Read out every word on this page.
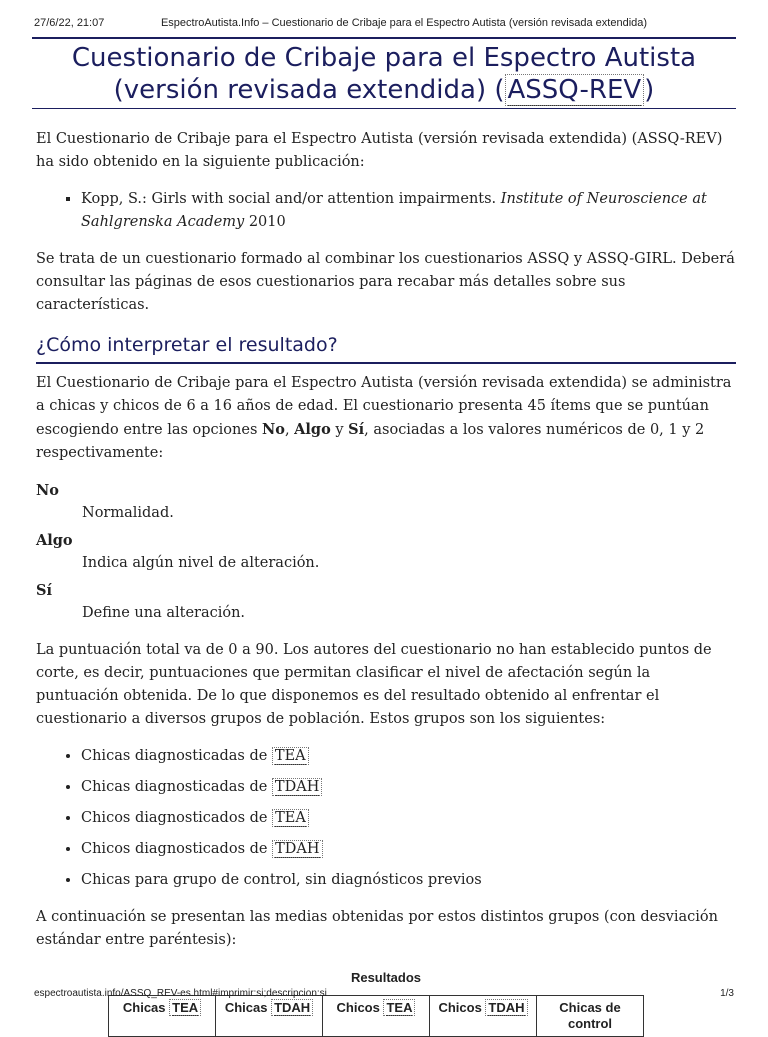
27/6/22, 21:07	EspectroAutista.Info – Cuestionario de Cribaje para el Espectro Autista (versión revisada extendida)
Cuestionario de Cribaje para el Espectro Autista
(versión revisada extendida) ( ASSQ-REV )

El Cuestionario de Cribaje para el Espectro Autista (versión revisada extendida) (ASSQ-REV) ha sido obtenido en la siguiente publicación:

▪ Kopp, S.: Girls with social and/or attention impairments. Institute of Neuroscience at Sahlgrenska Academy 2010

Se trata de un cuestionario formado al combinar los cuestionarios ASSQ y ASSQ-GIRL. Deberá consultar las páginas de esos cuestionarios para recabar más detalles sobre sus características.

¿Cómo interpretar el resultado?

El Cuestionario de Cribaje para el Espectro Autista (versión revisada extendida) se administra a chicas y chicos de 6 a 16 años de edad. El cuestionario presenta 45 ítems que se puntúan escogiendo entre las opciones No, Algo y Sí, asociadas a los valores numéricos de 0, 1 y 2 respectivamente:

No
Normalidad.
Algo
Indica algún nivel de alteración.
Sí
Define una alteración.

La puntuación total va de 0 a 90. Los autores del cuestionario no han establecido puntos de corte, es decir, puntuaciones que permitan clasificar el nivel de afectación según la puntuación obtenida. De lo que disponemos es del resultado obtenido al enfrentar el cuestionario a diversos grupos de población. Estos grupos son los siguientes:

• Chicas diagnosticadas de TEA
• Chicas diagnosticadas de TDAH
• Chicos diagnosticados de TEA
• Chicos diagnosticados de TDAH
• Chicas para grupo de control, sin diagnósticos previos

A continuación se presentan las medias obtenidas por estos distintos grupos (con desviación estándar entre paréntesis):

Resultados
Chicas TEA	Chicas TDAH	Chicos TEA	Chicos TDAH	Chicas de control
espectroautista.info/ASSQ_REV-es.html#imprimir:si;descripcion:si	1/3
